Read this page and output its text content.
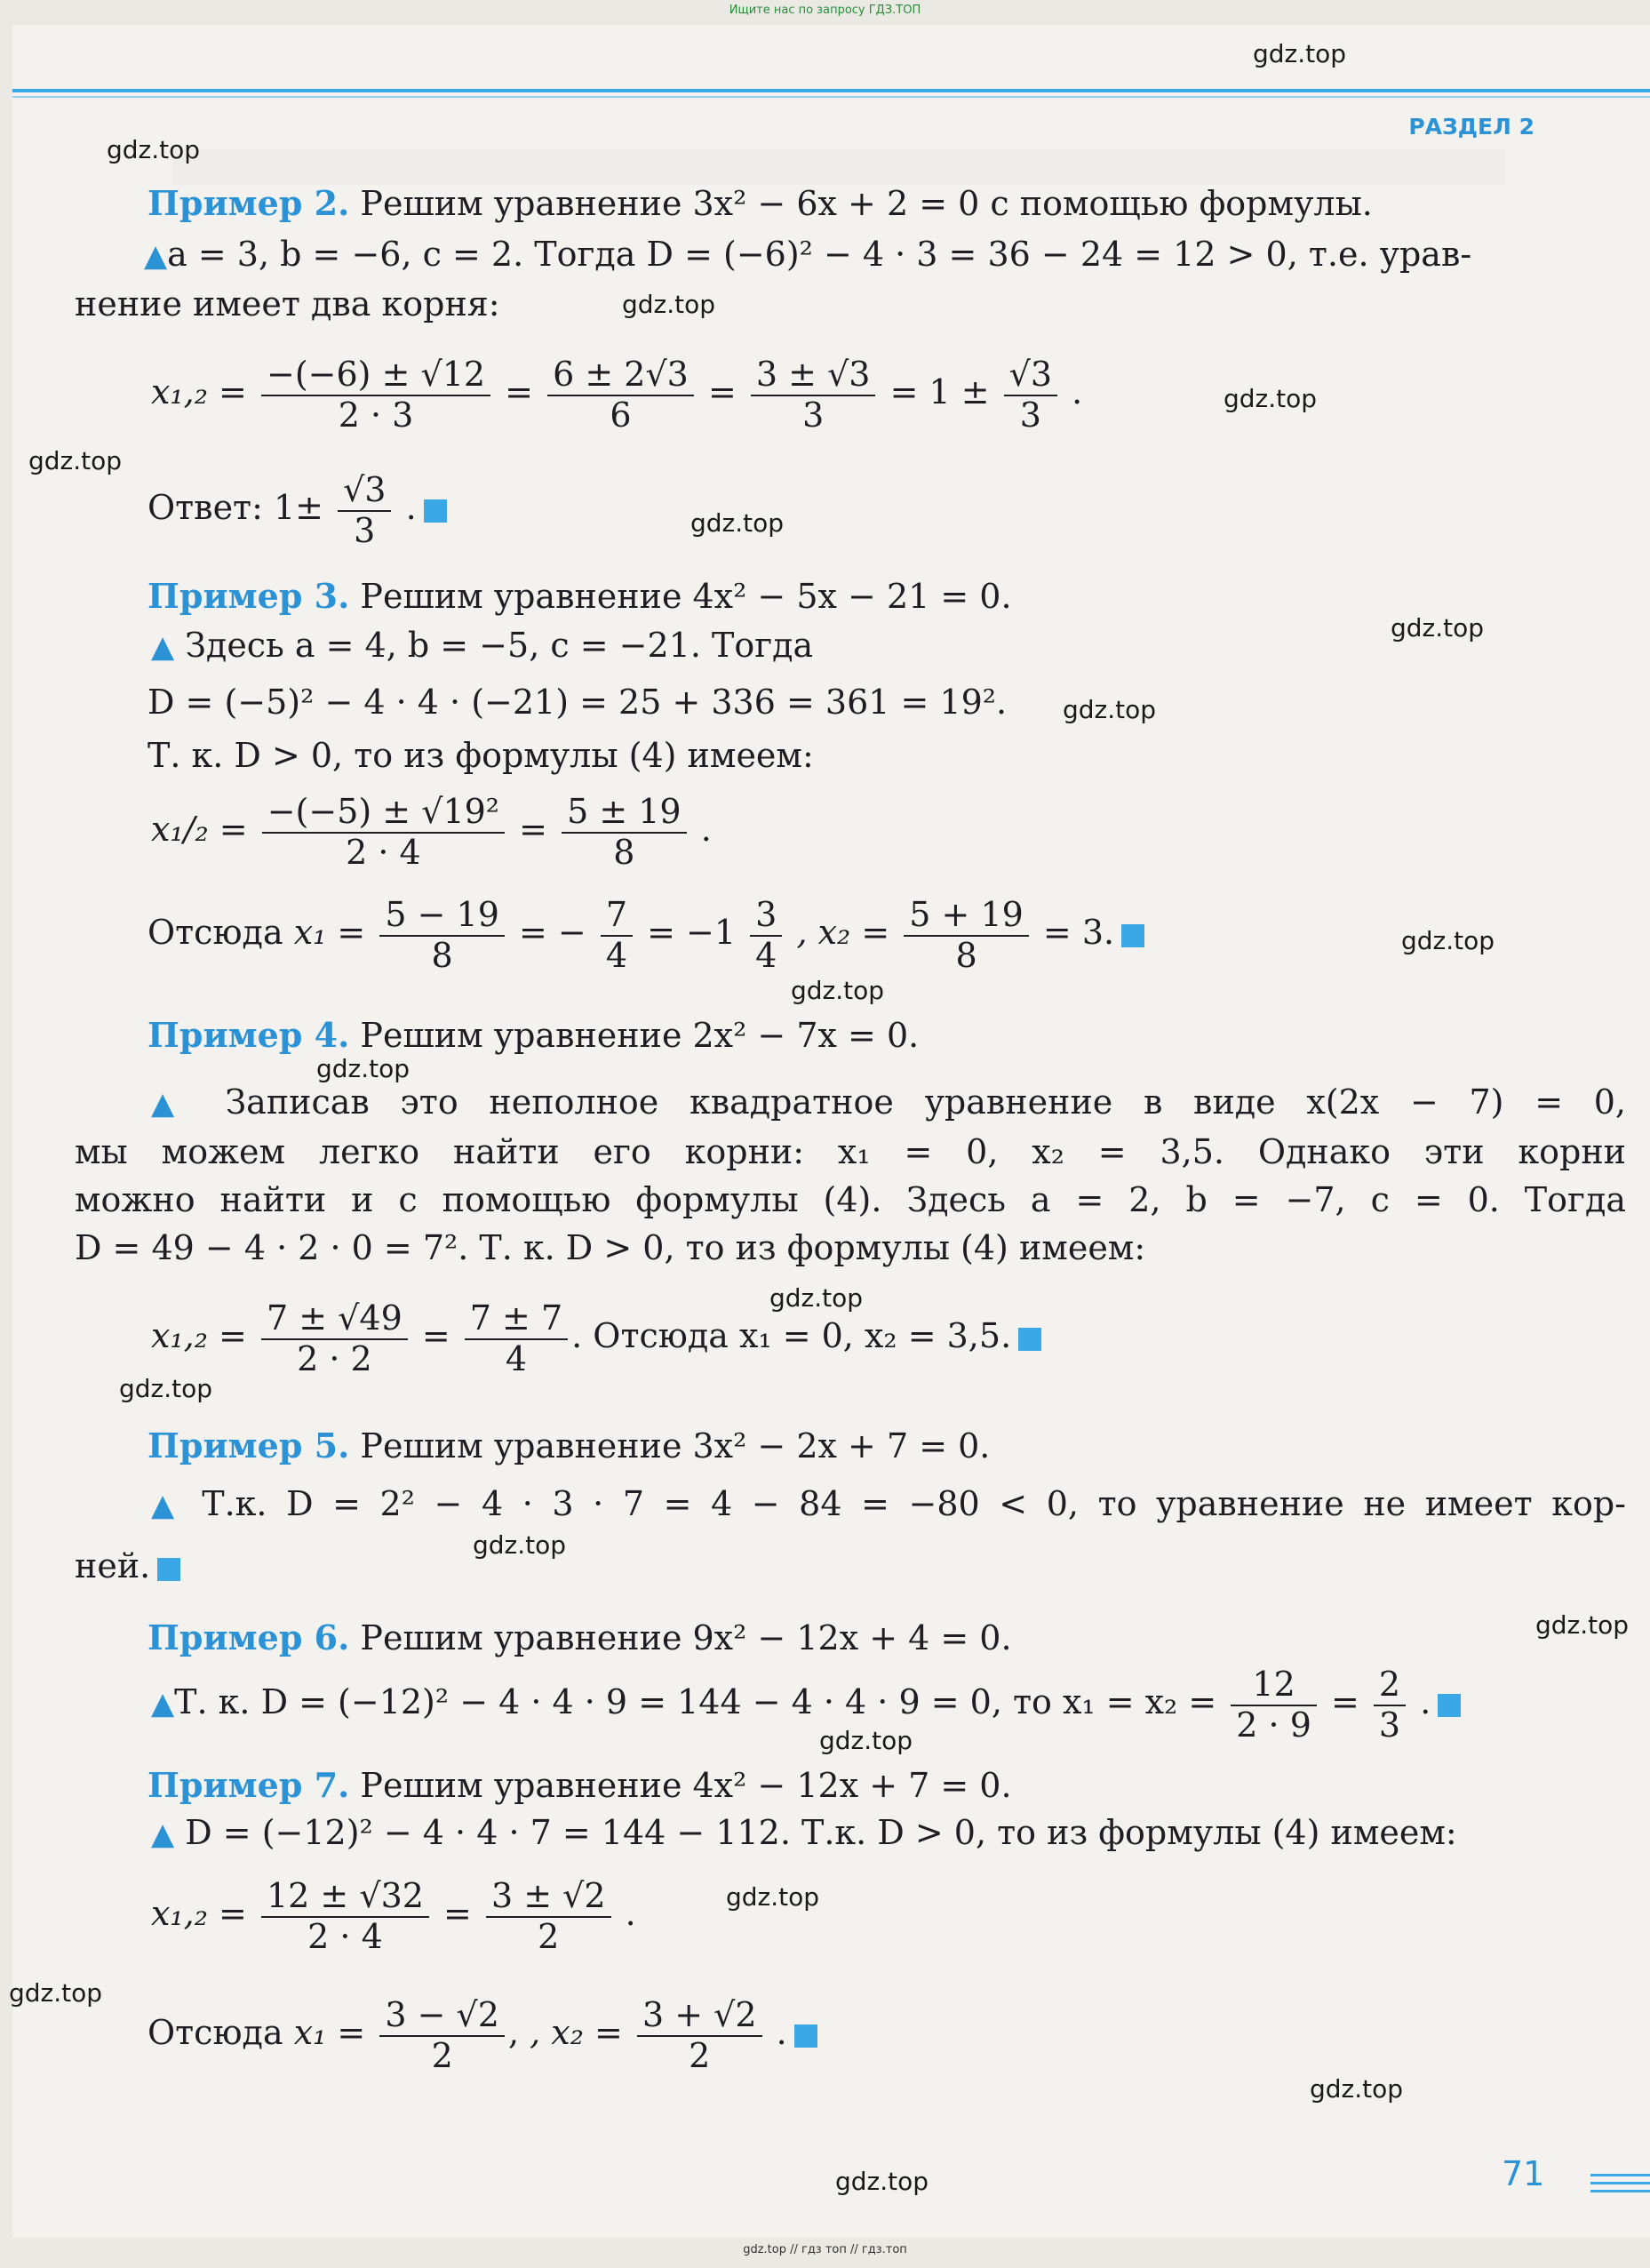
Ищите нас по запросу ГДЗ.ТОП
РАЗДЕЛ 2
gdz.top
gdz.top
gdz.top
gdz.top
gdz.top
gdz.top
gdz.top
gdz.top
gdz.top
gdz.top
gdz.top
gdz.top
gdz.top
gdz.top
gdz.top
gdz.top
gdz.top
gdz.top
gdz.top
gdz.top
Пример 2. Решим уравнение 3x² − 6x + 2 = 0 с помощью формулы.
▲a = 3, b = −6, c = 2. Тогда D = (−6)² − 4 · 3 = 36 − 24 = 12 > 0, т.е. урав-
нение имеет два корня:
$x_1,_2 = \frac{-(-6) \pm √12}{2 \cdot 3} = \frac{6 \pm 2√3}{6} = \frac{3 \pm √3}{3} = 1 \pm \frac{√3}{3}$ .
Ответ: $1\pm \frac{√3}{3}$ .
Пример 3. Решим уравнение 4x² − 5x − 21 = 0.
▲ Здесь a = 4, b = −5, c = −21. Тогда
D = (−5)² − 4 · 4 · (−21) = 25 + 336 = 361 = 19².
Т. к. D > 0, то из формулы (4) имеем:
$x_1/_2 = \frac{\text{−(−5) ± √19²}}{2 \cdot 4} = \frac{5 \pm 19}{8}$ .
Отсюда $x_1 = \frac{5 - 19}{8}$ = − $\frac{7}{4} = -1 \frac{3}{4}$ , $x_2 = \frac{5 + 19}{8} = 3$.
Пример 4. Решим уравнение 2x² − 7x = 0.
▲ Записав это неполное квадратное уравнение в виде x(2x − 7) = 0,
мы можем легко найти его корни: x₁ = 0, x₂ = 3,5. Однако эти корни
можно найти и с помощью формулы (4). Здесь a = 2, b = −7, c = 0. Тогда
D = 49 − 4 · 2 · 0 = 7². Т. к. D > 0, то из формулы (4) имеем:
$x_1,_2 = \frac{7 \pm √49}{2 \cdot 2} = \frac{7 \pm 7}{4}$ . Отсюда x₁ = 0, x₂ = 3,5.
Пример 5. Решим уравнение 3x² − 2x + 7 = 0.
▲ Т.к. D = 2² − 4 · 3 · 7 = 4 − 84 = −80 < 0, то уравнение не имеет кор-
ней.
Пример 6. Решим уравнение 9x² − 12x + 4 = 0.
▲Т. к. D = (−12)² − 4 · 4 · 9 = 144 − 4 · 4 · 9 = 0, то $x_1 = x_2 = \frac{12}{2 \cdot 9} = \frac{2}{3}$ .
Пример 7. Решим уравнение 4x² − 12x + 7 = 0.
▲ D = (−12)² − 4 · 4 · 7 = 144 − 112. Т.к. D > 0, то из формулы (4) имеем:
$x_1,_2 = \frac{12 \pm √32}{2 \cdot 4} = \frac{3 \pm √2}{2}$ .
Отсюда $x_1 = \frac{3 - √2}{2}$ , , $x_2 = \frac{3 + √2}{2}$ .
71
gdz.top // гдз топ // гдз.топ
